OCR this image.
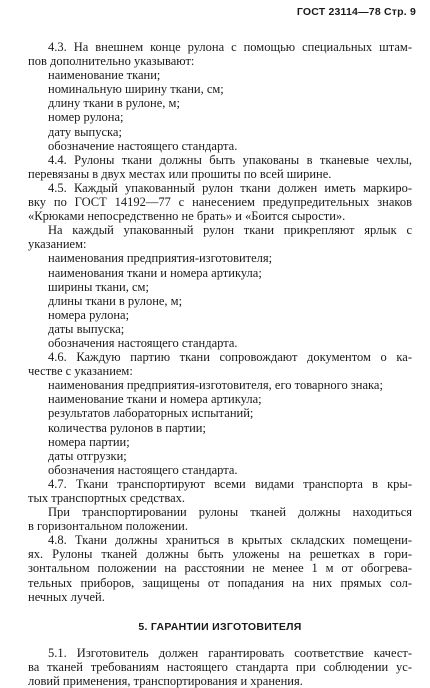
ГОСТ 23114—78 Стр. 9

4.3. На внешнем конце рулона с помощью специальных штам-

пов дополнительно указывают:

наименование ткани;

номинальную ширину ткани, см;

длину ткани в рулоне, м;

номер рулона;

дату выпуска;

обозначение настоящего стандарта.

4.4. Рулоны ткани должны быть упакованы в тканевые чехлы,

перевязаны в двух местах или прошиты по всей ширине.

4.5. Каждый упакованный рулон ткани должен иметь маркиро-

вку по ГОСТ 14192—77 с нанесением предупредительных знаков

«Крюками непосредственно не брать» и «Боится сырости».

На каждый упакованный рулон ткани прикрепляют ярлык с

указанием:

наименования предприятия-изготовителя;

наименования ткани и номера артикула;

ширины ткани, см;

длины ткани в рулоне, м;

номера рулона;

даты выпуска;

обозначения настоящего стандарта.

4.6. Каждую партию ткани сопровождают документом о ка-

честве с указанием:

наименования предприятия-изготовителя, его товарного знака;

наименование ткани и номера артикула;

результатов лабораторных испытаний;

количества рулонов в партии;

номера партии;

даты отгрузки;

обозначения настоящего стандарта.

4.7. Ткани транспортируют всеми видами транспорта в кры-

тых транспортных средствах.

При транспортировании рулоны тканей должны находиться

в горизонтальном положении.

4.8. Ткани должны храниться в крытых складских помещени-

ях. Рулоны тканей должны быть уложены на решетках в гори-

зонтальном положении на расстоянии не менее 1 м от обогрева-

тельных приборов, защищены от попадания на них прямых сол-

нечных лучей.

5. ГАРАНТИИ ИЗГОТОВИТЕЛЯ

5.1. Изготовитель должен гарантировать соответствие качест-

ва тканей требованиям настоящего стандарта при соблюдении ус-

ловий применения, транспортирования и хранения.
